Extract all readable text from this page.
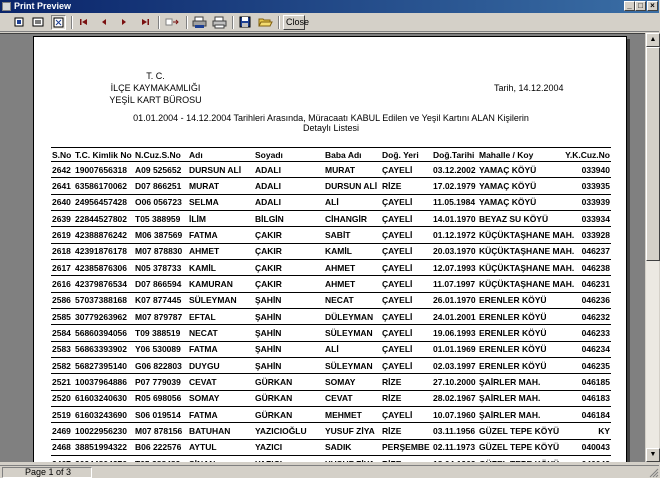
Print Preview	_ □ ×
Close
T. C.
İLÇE KAYMAKAMLIĞI
YEŞİL KART BÜROSU
Tarih, 14.12.2004
01.01.2004 - 14.12.2004 Tarihleri Arasında, Müracaatı KABUL Edilen ve Yeşil Kartını ALAN Kişilerin
Detaylı Listesi
S.No	T.C. Kimlik No	N.Cuz.S.No	Adı	Soyadı	Baba Adı	Doğ. Yeri	Doğ.Tarihi	Mahalle / Koy	Y.K.Cuz.No
2642	19007656318	A09 525652	DURSUN ALİ	ADALI	MURAT	ÇAYELİ	03.12.2002	YAMAÇ KÖYÜ	033940
2641	63586170062	D07 866251	MURAT	ADALI	DURSUN ALİ	RİZE	17.02.1979	YAMAÇ KÖYÜ	033935
2640	24956457428	O06 056723	SELMA	ADALI	ALİ	ÇAYELİ	11.05.1984	YAMAÇ KÖYÜ	033939
2639	22844527802	T05 388959	İLİM	BİLGİN	CİHANGİR	ÇAYELİ	14.01.1970	BEYAZ SU KÖYÜ	033934
2619	42388876242	M06 387569	FATMA	ÇAKIR	SABİT	ÇAYELİ	01.12.1972	KÜÇÜKTAŞHANE MAH.	033928
2618	42391876178	M07 878830	AHMET	ÇAKIR	KAMİL	ÇAYELİ	20.03.1970	KÜÇÜKTAŞHANE MAH.	046237
2617	42385876306	N05 378733	KAMİL	ÇAKIR	AHMET	ÇAYELİ	12.07.1993	KÜÇÜKTAŞHANE MAH.	046238
2616	42379876534	D07 866594	KAMURAN	ÇAKIR	AHMET	ÇAYELİ	11.07.1997	KÜÇÜKTAŞHANE MAH.	046231
2586	57037388168	K07 877445	SÜLEYMAN	ŞAHİN	NECAT	ÇAYELİ	26.01.1970	ERENLER KÖYÜ	046236
2585	30779263962	M07 879787	EFTAL	ŞAHİN	DÜLEYMAN	ÇAYELİ	24.01.2001	ERENLER KÖYÜ	046232
2584	56860394056	T09 388519	NECAT	ŞAHİN	SÜLEYMAN	ÇAYELİ	19.06.1993	ERENLER KÖYÜ	046233
2583	56863393902	Y06 530089	FATMA	ŞAHİN	ALİ	ÇAYELİ	01.01.1969	ERENLER KÖYÜ	046234
2582	56827395140	G06 822803	DUYGU	ŞAHİN	SÜLEYMAN	ÇAYELİ	02.03.1997	ERENLER KÖYÜ	046235
2521	10037964886	P07 779039	CEVAT	GÜRKAN	SOMAY	RİZE	27.10.2000	ŞAİRLER MAH.	046185
2520	61603240630	R05 698056	SOMAY	GÜRKAN	CEVAT	RİZE	28.02.1967	ŞAİRLER MAH.	046183
2519	61603243690	S06 019514	FATMA	GÜRKAN	MEHMET	ÇAYELİ	10.07.1960	ŞAİRLER MAH.	046184
2469	10022956230	M07 878156	BATUHAN	YAZICIOĞLU	YUSUF ZİYA	RİZE	03.11.1956	GÜZEL TEPE KÖYÜ	KY
2468	38851994322	B06 222576	AYTUL	YAZICI	SADIK	PERŞEMBE	02.11.1973	GÜZEL TEPE KÖYÜ	040043

▲
▼
Page 1 of 3
